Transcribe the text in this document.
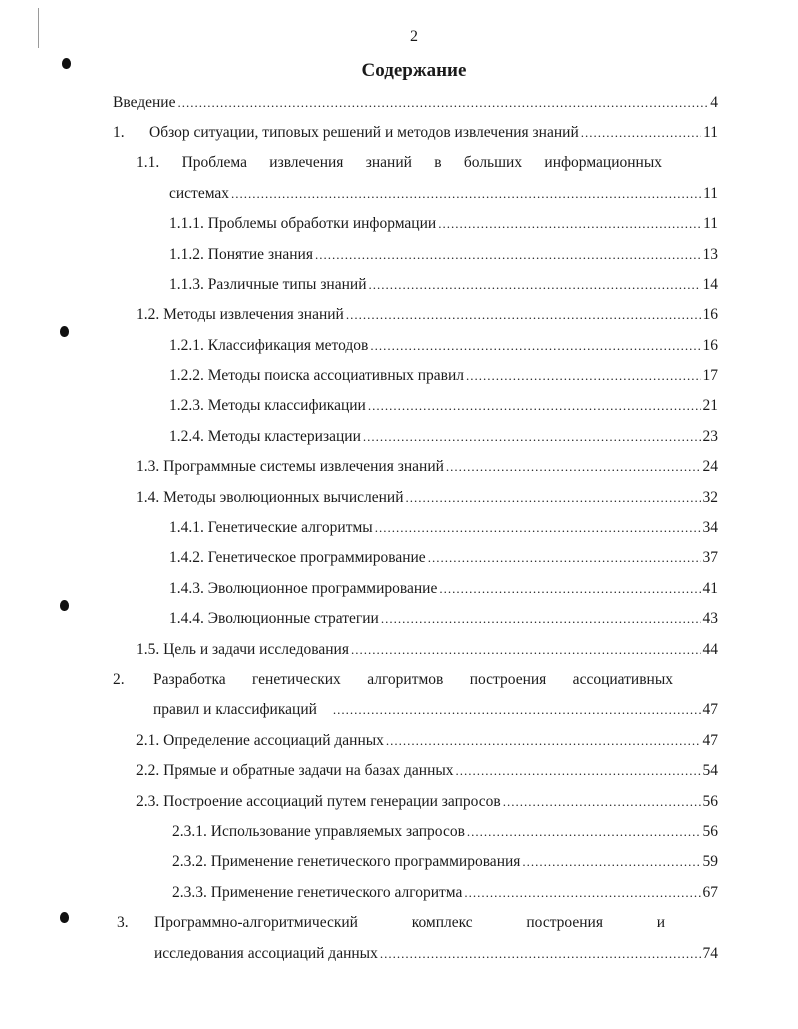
2
Содержание
Введение .....	4
1.	Обзор ситуации, типовых решений и методов извлечения знаний .....	11
1.1. Проблема извлечения знаний в больших информационных
системах .....	11
1.1.1. Проблемы обработки информации .....	11
1.1.2. Понятие знания .....	13
1.1.3. Различные типы знаний .....	14
1.2. Методы извлечения знаний .....	16
1.2.1. Классификация методов .....	16
1.2.2. Методы поиска ассоциативных правил .....	17
1.2.3. Методы классификации .....	21
1.2.4. Методы кластеризации .....	23
1.3. Программные системы извлечения знаний .....	24
1.4. Методы эволюционных вычислений .....	32
1.4.1. Генетические алгоритмы .....	34
1.4.2. Генетическое программирование .....	37
1.4.3. Эволюционное программирование .....	41
1.4.4. Эволюционные стратегии .....	43
1.5. Цель и задачи исследования .....	44
2.	Разработка генетических алгоритмов построения ассоциативных
правил и классификаций .....	47
2.1. Определение ассоциаций данных .....	47
2.2. Прямые и обратные задачи на базах данных .....	54
2.3. Построение ассоциаций путем генерации запросов .....	56
2.3.1. Использование управляемых запросов .....	56
2.3.2. Применение генетического программирования .....	59
2.3.3. Применение генетического алгоритма .....	67
3.	Программно-алгоритмический комплекс построения и
исследования ассоциаций данных .....	74
